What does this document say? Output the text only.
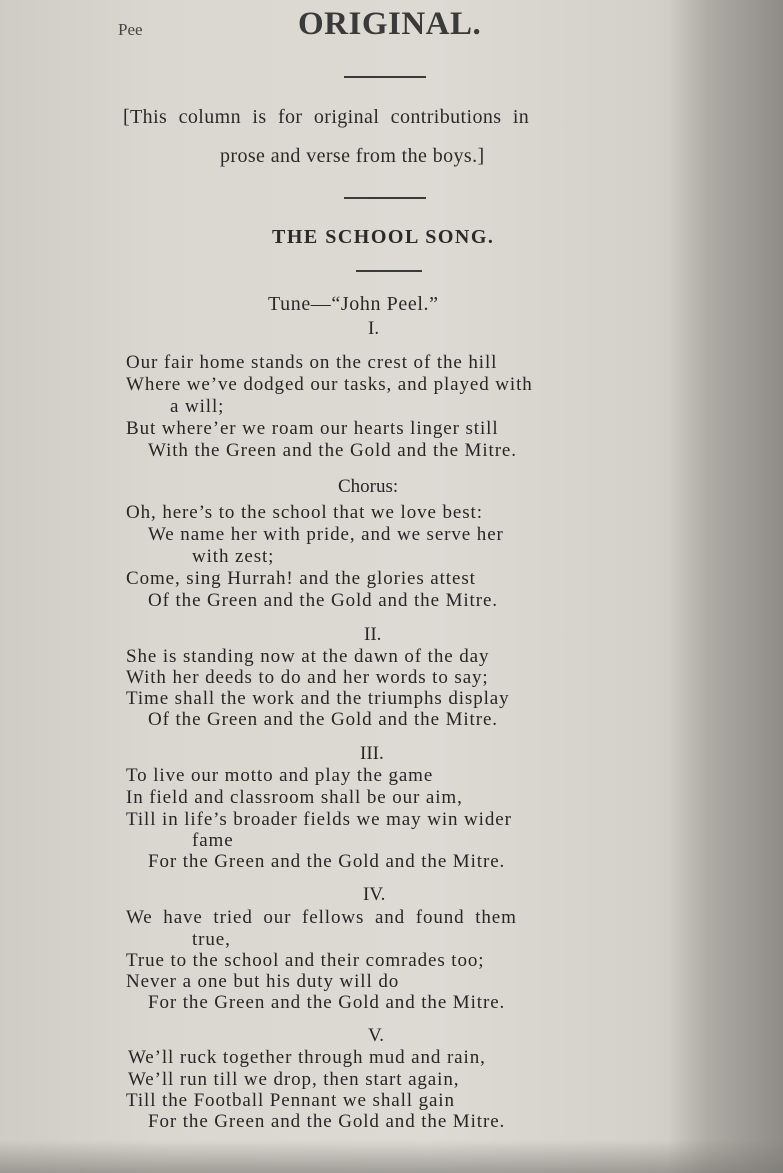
Pee	ORIGINAL.
[This column is for original contributions in
prose and verse from the boys.]
THE SCHOOL SONG.
Tune—“John Peel.”
I.
Our fair home stands on the crest of the hill
Where we’ve dodged our tasks, and played with
a will;
But where’er we roam our hearts linger still
With the Green and the Gold and the Mitre.
Chorus:
Oh, here’s to the school that we love best:
We name her with pride, and we serve her
with zest;
Come, sing Hurrah! and the glories attest
Of the Green and the Gold and the Mitre.
II.
She is standing now at the dawn of the day
With her deeds to do and her words to say;
Time shall the work and the triumphs display
Of the Green and the Gold and the Mitre.
III.
To live our motto and play the game
In field and classroom shall be our aim,
Till in life’s broader fields we may win wider
fame
For the Green and the Gold and the Mitre.
IV.
We have tried our fellows and found them
true,
True to the school and their comrades too;
Never a one but his duty will do
For the Green and the Gold and the Mitre.
V.
We’ll ruck together through mud and rain,
We’ll run till we drop, then start again,
Till the Football Pennant we shall gain
For the Green and the Gold and the Mitre.
